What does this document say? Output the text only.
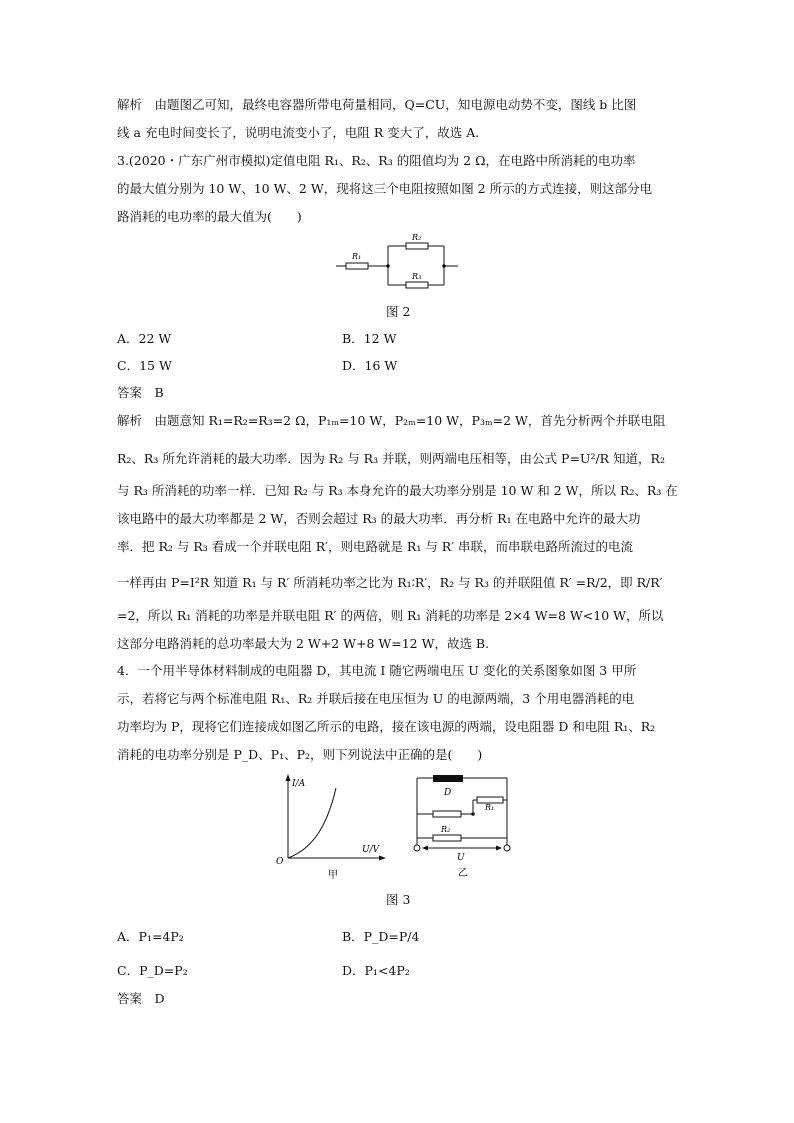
解析　由题图乙可知，最终电容器所带电荷量相同，Q=CU，知电源电动势不变，图线 b 比图
线 a 充电时间变长了，说明电流变小了，电阻 R 变大了，故选 A.
3.(2020・广东广州市模拟)定值电阻 R₁、R₂、R₃ 的阻值均为 2 Ω，在电路中所消耗的电功率
的最大值分别为 10 W、10 W、2 W，现将这三个电阻按照如图 2 所示的方式连接，则这部分电
路消耗的电功率的最大值为(　　)
R₁
R₂
R₃
图 2
A．22 W	B．12 W
C．15 W	D．16 W
答案　B
解析　由题意知 R₁=R₂=R₃=2 Ω，P₁ₘ=10 W，P₂ₘ=10 W，P₃ₘ=2 W，首先分析两个并联电阻
R₂、R₃ 所允许消耗的最大功率．因为 R₂ 与 R₃ 并联，则两端电压相等，由公式 P=U²/R 知道，R₂
与 R₃ 所消耗的功率一样．已知 R₂ 与 R₃ 本身允许的最大功率分别是 10 W 和 2 W，所以 R₂、R₃ 在
该电路中的最大功率都是 2 W，否则会超过 R₃ 的最大功率．再分析 R₁ 在电路中允许的最大功
率．把 R₂ 与 R₃ 看成一个并联电阻 R′，则电路就是 R₁ 与 R′ 串联，而串联电路所流过的电流
一样再由 P=I²R 知道 R₁ 与 R′ 所消耗功率之比为 R₁∶R′，R₂ 与 R₃ 的并联阻值 R′ =R/2，即 R/R′
=2，所以 R₁ 消耗的功率是并联电阻 R′ 的两倍，则 R₁ 消耗的功率是 2×4 W=8 W<10 W，所以
这部分电路消耗的总功率最大为 2 W+2 W+8 W=12 W，故选 B.
4．一个用半导体材料制成的电阻器 D，其电流 I 随它两端电压 U 变化的关系图象如图 3 甲所
示，若将它与两个标准电阻 R₁、R₂ 并联后接在电压恒为 U 的电源两端，3 个用电器消耗的电
功率均为 P，现将它们连接成如图乙所示的电路，接在该电源的两端，设电阻器 D 和电阻 R₁、R₂
消耗的电功率分别是 P_D、P₁、P₂，则下列说法中正确的是(　　)
I/A
U/V
O
甲
D
R₁
R₂
U
乙
图 3
A．P₁=4P₂	B．P_D=P/4
C．P_D=P₂	D．P₁<4P₂
答案　D
